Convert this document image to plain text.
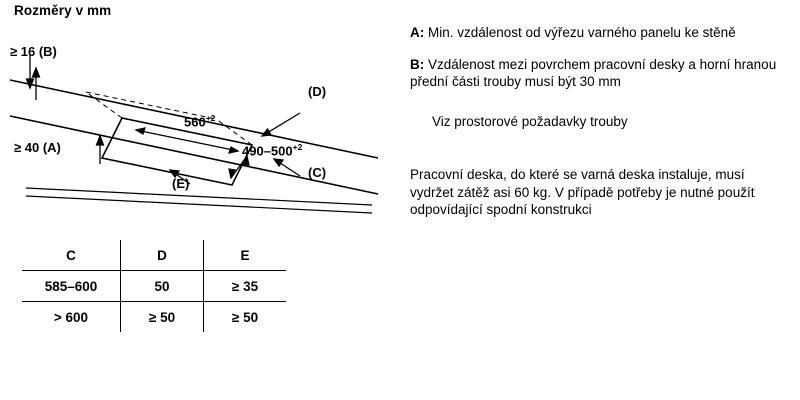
Rozměry v mm
≥ 16 (B)
≥ 40 (A)
$560^{+2}$
$490-500^{+2}$
(D)
(C)
(E)
C	D	E
585–600	50	≥ 35
> 600	≥ 50	≥ 50
A: Min. vzdálenost od výřezu varného panelu ke stěně
B: Vzdálenost mezi povrchem pracovní desky a horní hranou přední části trouby musí být 30 mm
Viz prostorové požadavky trouby
Pracovní deska, do které se varná deska instaluje, musí vydržet zátěž asi 60 kg. V případě potřeby je nutné použít odpovídající spodní konstrukci
